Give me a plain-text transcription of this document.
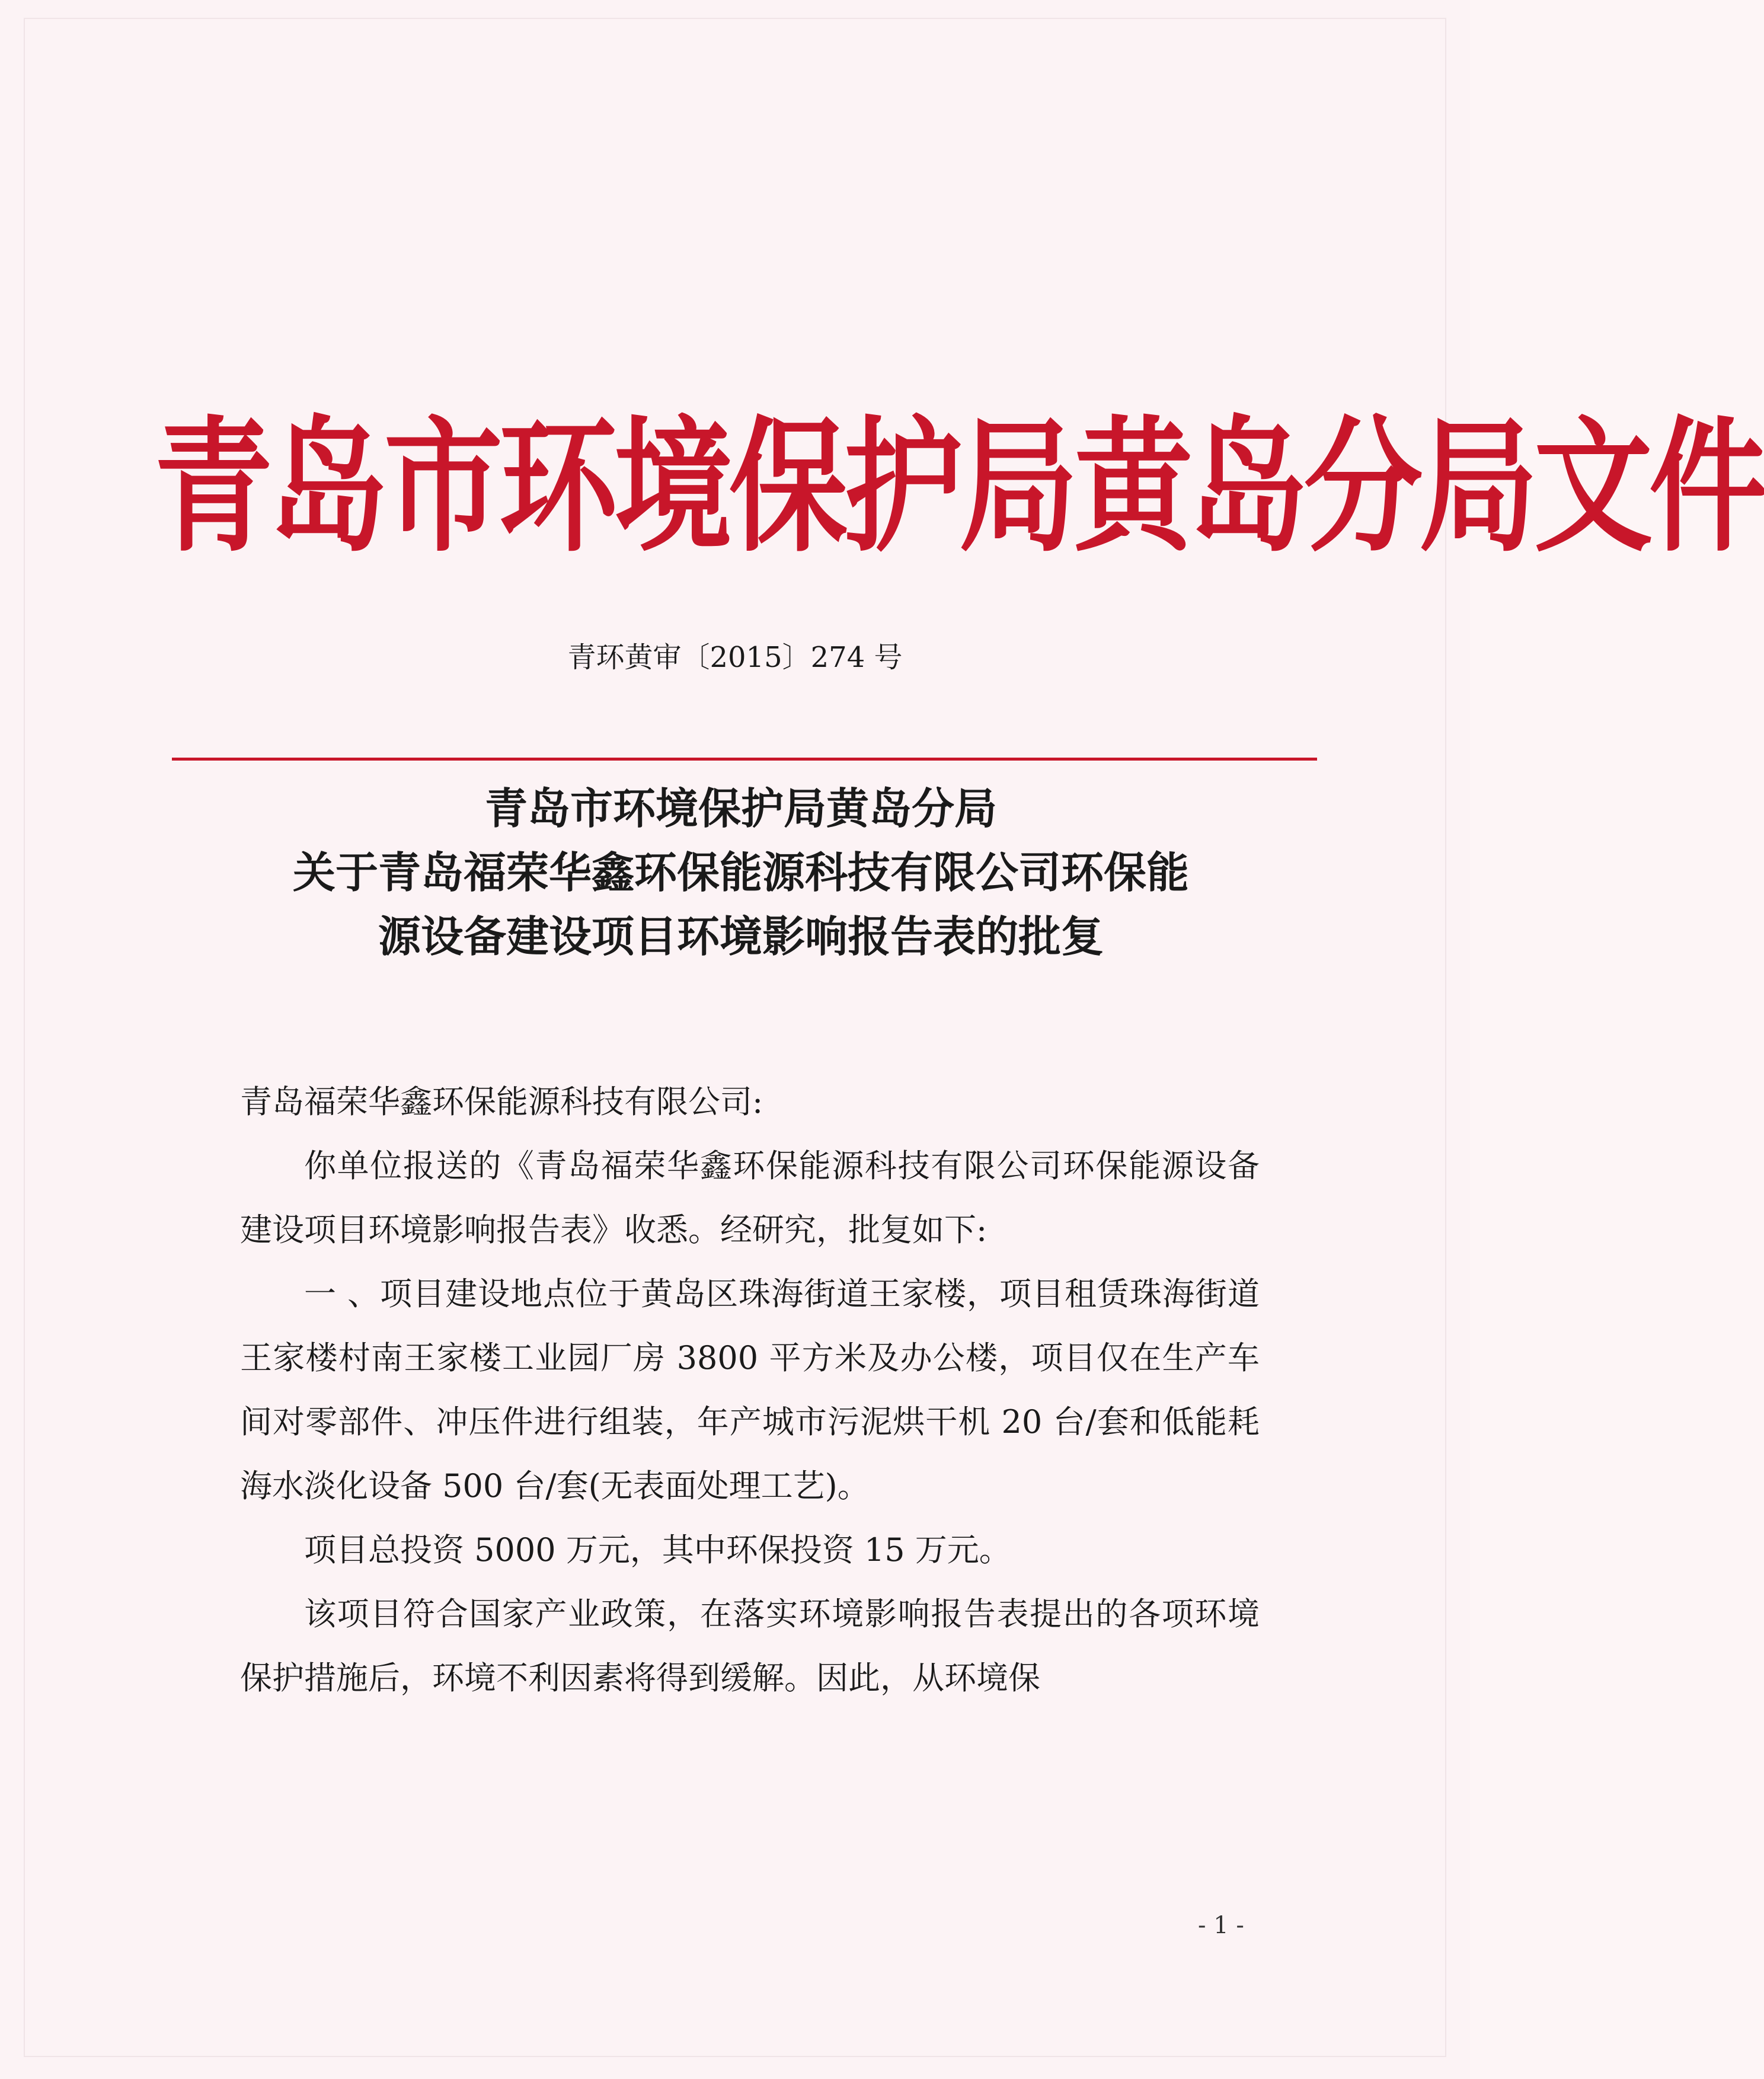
青岛市环境保护局黄岛分局文件
青环黄审〔2015〕274 号
青岛市环境保护局黄岛分局
关于青岛福荣华鑫环保能源科技有限公司环保能
源设备建设项目环境影响报告表的批复

青岛福荣华鑫环保能源科技有限公司:

你单位报送的《青岛福荣华鑫环保能源科技有限公司环保能源设备建设项目环境影响报告表》收悉。经研究，批复如下:

一 、项目建设地点位于黄岛区珠海街道王家楼，项目租赁珠海街道王家楼村南王家楼工业园厂房 3800 平方米及办公楼，项目仅在生产车间对零部件、冲压件进行组装，年产城市污泥烘干机 20 台/套和低能耗海水淡化设备 500 台/套(无表面处理工艺)。

项目总投资 5000 万元，其中环保投资 15 万元。

该项目符合国家产业政策，在落实环境影响报告表提出的各项环境保护措施后，环境不利因素将得到缓解。因此，从环境保

- 1 -
